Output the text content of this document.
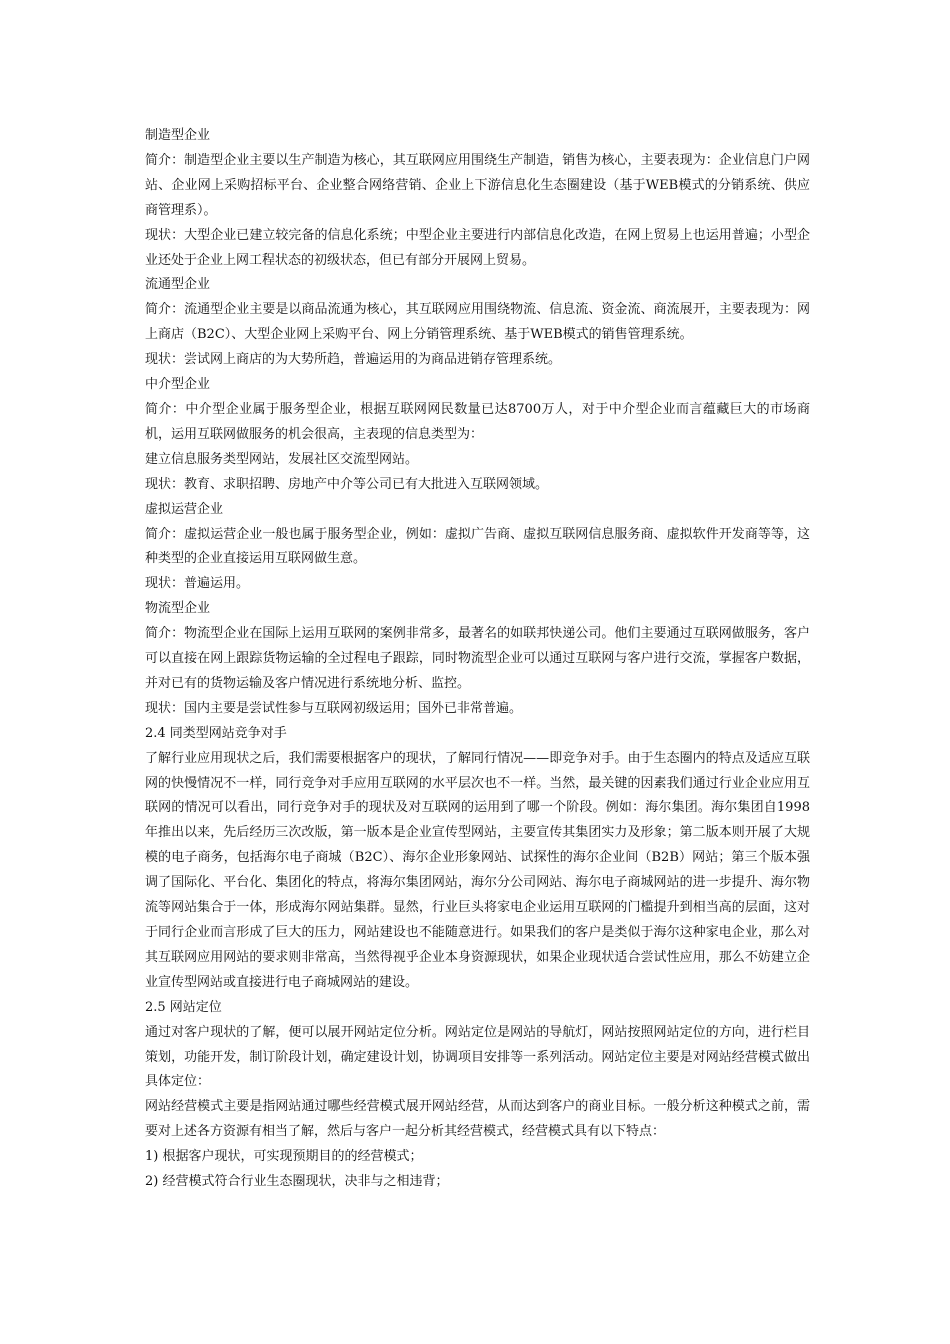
制造型企业

简介：制造型企业主要以生产制造为核心，其互联网应用围绕生产制造，销售为核心，主要表现为：企业信息门户网站、企业网上采购招标平台、企业整合网络营销、企业上下游信息化生态圈建设（基于WEB模式的分销系统、供应商管理系）。

现状：大型企业已建立较完备的信息化系统；中型企业主要进行内部信息化改造，在网上贸易上也运用普遍；小型企业还处于企业上网工程状态的初级状态，但已有部分开展网上贸易。

流通型企业

简介：流通型企业主要是以商品流通为核心，其互联网应用围绕物流、信息流、资金流、商流展开，主要表现为：网上商店（B2C）、大型企业网上采购平台、网上分销管理系统、基于WEB模式的销售管理系统。

现状：尝试网上商店的为大势所趋，普遍运用的为商品进销存管理系统。

中介型企业

简介：中介型企业属于服务型企业，根据互联网网民数量已达8700万人，对于中介型企业而言蕴藏巨大的市场商机，运用互联网做服务的机会很高，主表现的信息类型为：

建立信息服务类型网站，发展社区交流型网站。

现状：教育、求职招聘、房地产中介等公司已有大批进入互联网领域。

虚拟运营企业

简介：虚拟运营企业一般也属于服务型企业，例如：虚拟广告商、虚拟互联网信息服务商、虚拟软件开发商等等，这种类型的企业直接运用互联网做生意。

现状：普遍运用。

物流型企业

简介：物流型企业在国际上运用互联网的案例非常多，最著名的如联邦快递公司。他们主要通过互联网做服务，客户可以直接在网上跟踪货物运输的全过程电子跟踪，同时物流型企业可以通过互联网与客户进行交流，掌握客户数据，并对已有的货物运输及客户情况进行系统地分析、监控。

现状：国内主要是尝试性参与互联网初级运用；国外已非常普遍。

2.4 同类型网站竞争对手

了解行业应用现状之后，我们需要根据客户的现状，了解同行情况——即竞争对手。由于生态圈内的特点及适应互联网的快慢情况不一样，同行竞争对手应用互联网的水平层次也不一样。当然，最关键的因素我们通过行业企业应用互联网的情况可以看出，同行竞争对手的现状及对互联网的运用到了哪一个阶段。例如：海尔集团。海尔集团自1998年推出以来，先后经历三次改版，第一版本是企业宣传型网站，主要宣传其集团实力及形象；第二版本则开展了大规模的电子商务，包括海尔电子商城（B2C）、海尔企业形象网站、试探性的海尔企业间（B2B）网站；第三个版本强调了国际化、平台化、集团化的特点，将海尔集团网站，海尔分公司网站、海尔电子商城网站的进一步提升、海尔物流等网站集合于一体，形成海尔网站集群。显然，行业巨头将家电企业运用互联网的门槛提升到相当高的层面，这对于同行企业而言形成了巨大的压力，网站建设也不能随意进行。如果我们的客户是类似于海尔这种家电企业，那么对其互联网应用网站的要求则非常高，当然得视乎企业本身资源现状，如果企业现状适合尝试性应用，那么不妨建立企业宣传型网站或直接进行电子商城网站的建设。

2.5 网站定位

通过对客户现状的了解，便可以展开网站定位分析。网站定位是网站的导航灯，网站按照网站定位的方向，进行栏目策划，功能开发，制订阶段计划，确定建设计划，协调项目安排等一系列活动。网站定位主要是对网站经营模式做出具体定位：

网站经营模式主要是指网站通过哪些经营模式展开网站经营，从而达到客户的商业目标。一般分析这种模式之前，需要对上述各方资源有相当了解，然后与客户一起分析其经营模式，经营模式具有以下特点：

1) 根据客户现状，可实现预期目的的经营模式；

2) 经营模式符合行业生态圈现状，决非与之相违背；
